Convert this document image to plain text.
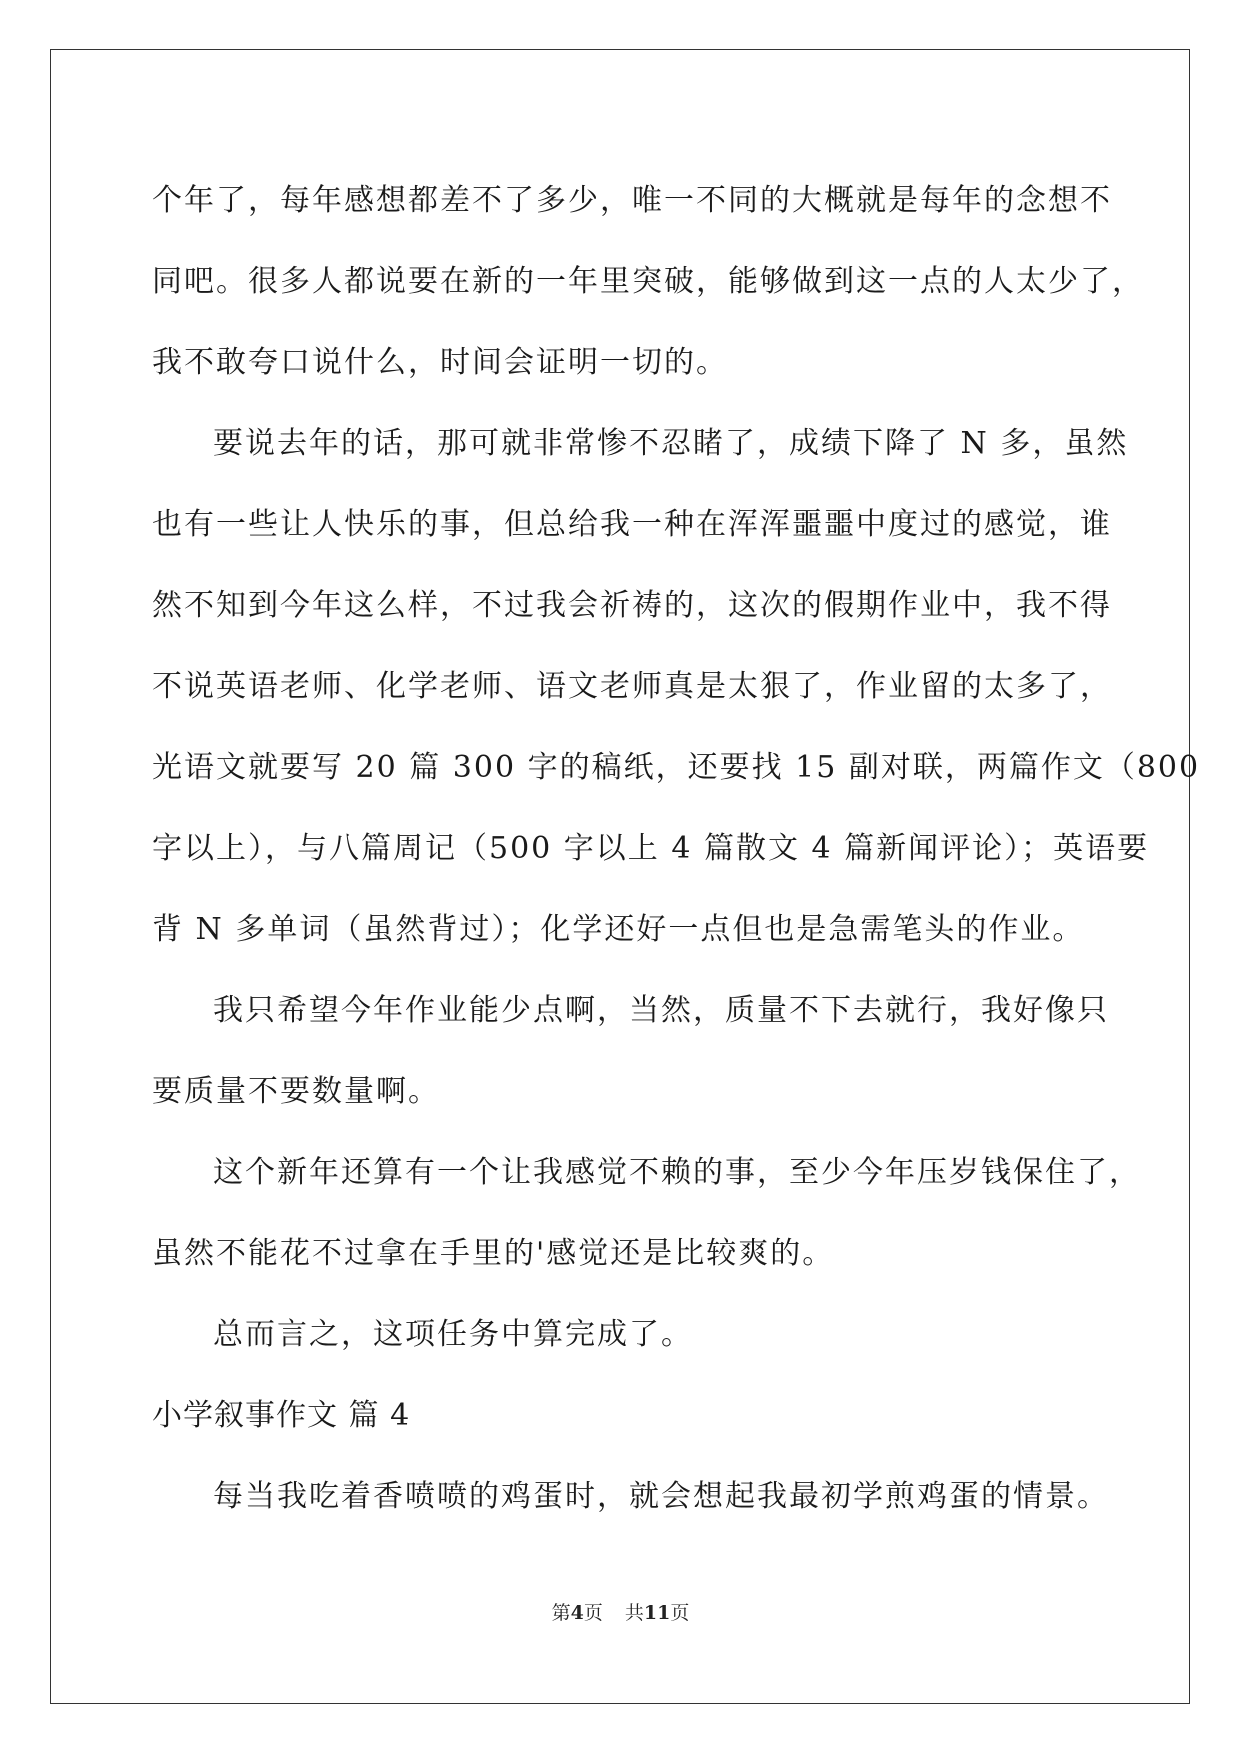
个年了，每年感想都差不了多少，唯一不同的大概就是每年的念想不
同吧。很多人都说要在新的一年里突破，能够做到这一点的人太少了，
我不敢夸口说什么，时间会证明一切的。
要说去年的话，那可就非常惨不忍睹了，成绩下降了 N 多，虽然
也有一些让人快乐的事，但总给我一种在浑浑噩噩中度过的感觉，谁
然不知到今年这么样，不过我会祈祷的，这次的假期作业中，我不得
不说英语老师、化学老师、语文老师真是太狠了，作业留的太多了，
光语文就要写 20 篇 300 字的稿纸，还要找 15 副对联，两篇作文（800
字以上），与八篇周记（500 字以上 4 篇散文 4 篇新闻评论）；英语要
背 N 多单词（虽然背过）；化学还好一点但也是急需笔头的作业。
我只希望今年作业能少点啊，当然，质量不下去就行，我好像只
要质量不要数量啊。
这个新年还算有一个让我感觉不赖的事，至少今年压岁钱保住了，
虽然不能花不过拿在手里的'感觉还是比较爽的。
总而言之，这项任务中算完成了。
小学叙事作文 篇 4
每当我吃着香喷喷的鸡蛋时，就会想起我最初学煎鸡蛋的情景。
第4页 共11页
